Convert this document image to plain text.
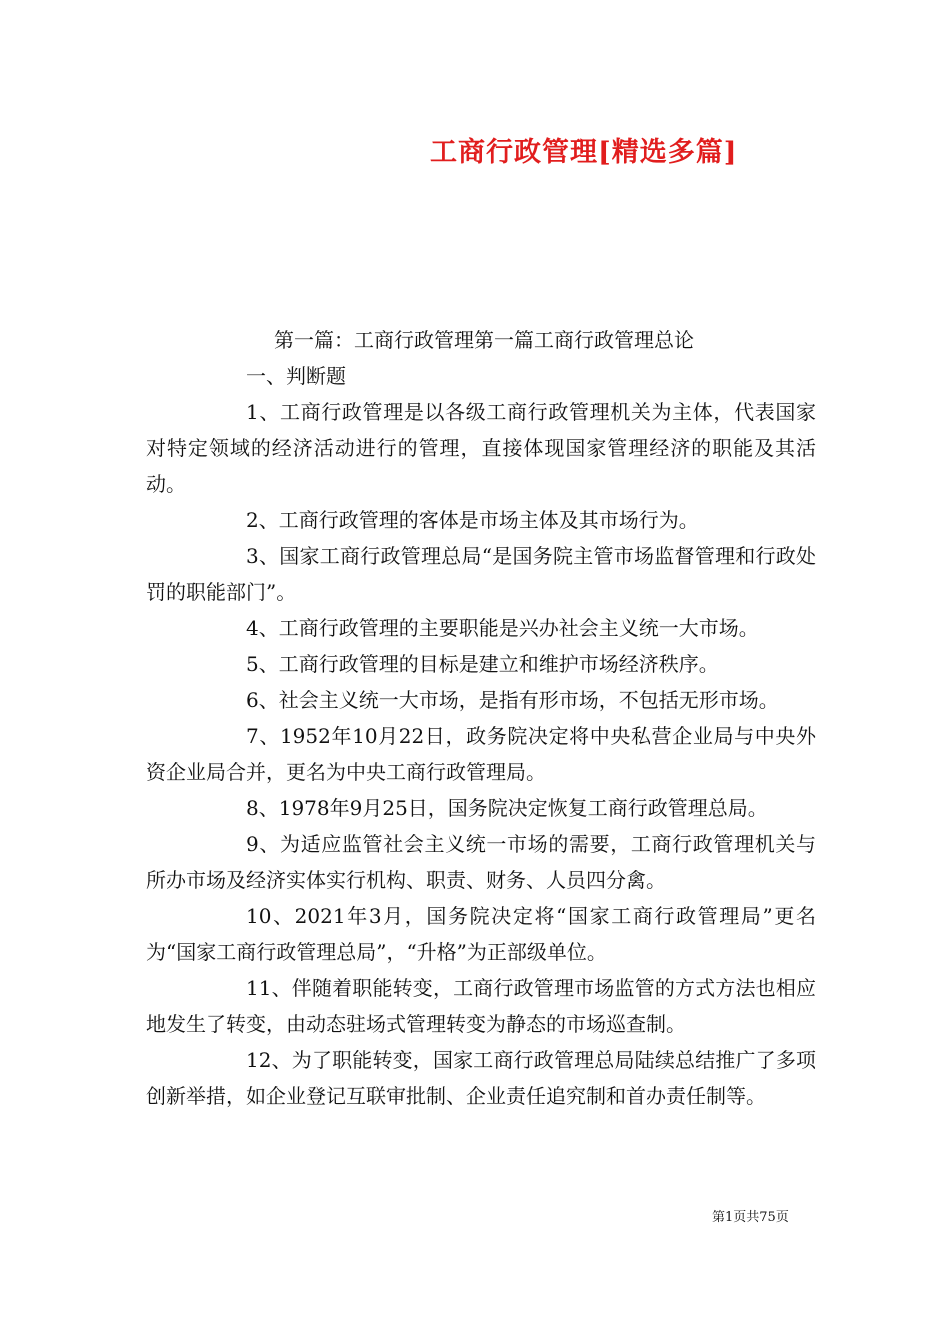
工商行政管理[精选多篇]

第一篇：工商行政管理第一篇工商行政管理总论

一、判断题

1、工商行政管理是以各级工商行政管理机关为主体，代表国家对特定领域的经济活动进行的管理，直接体现国家管理经济的职能及其活动。

2、工商行政管理的客体是市场主体及其市场行为。

3、国家工商行政管理总局“是国务院主管市场监督管理和行政处罚的职能部门”。

4、工商行政管理的主要职能是兴办社会主义统一大市场。

5、工商行政管理的目标是建立和维护市场经济秩序。

6、社会主义统一大市场，是指有形市场，不包括无形市场。

7、1952年10月22日，政务院决定将中央私营企业局与中央外资企业局合并，更名为中央工商行政管理局。

8、1978年9月25日，国务院决定恢复工商行政管理总局。

9、为适应监管社会主义统一市场的需要，工商行政管理机关与所办市场及经济实体实行机构、职责、财务、人员四分禽。

10、2021年3月，国务院决定将“国家工商行政管理局”更名为“国家工商行政管理总局”，“升格”为正部级单位。

11、伴随着职能转变，工商行政管理市场监管的方式方法也相应地发生了转变，由动态驻场式管理转变为静态的市场巡查制。

12、为了职能转变，国家工商行政管理总局陆续总结推广了多项创新举措，如企业登记互联审批制、企业责任追究制和首办责任制等。

第1页共75页
